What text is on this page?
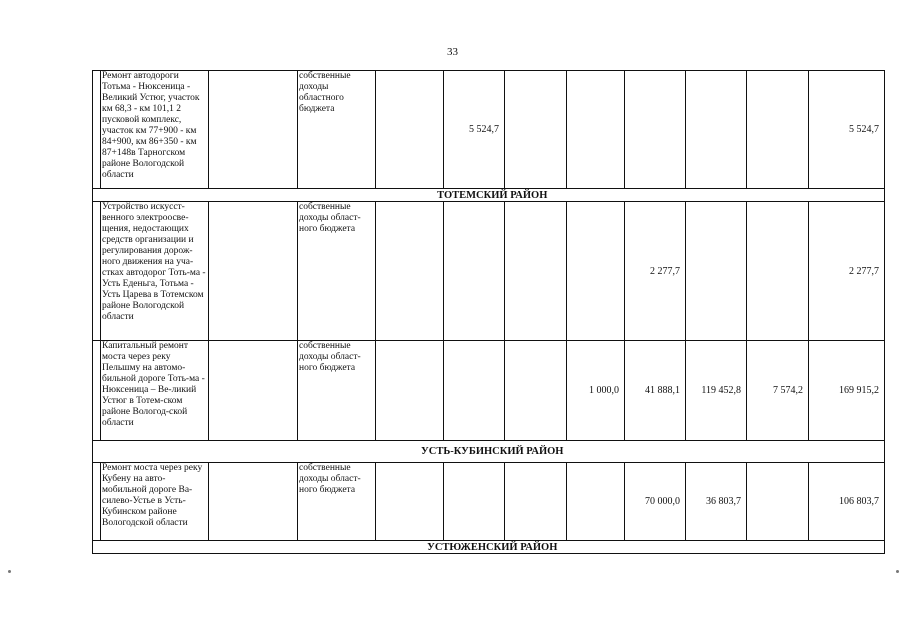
33
	Ремонт автодороги Тотьма - Нюксеница - Великий Устюг, участок км 68,3 - км 101,1 2 пусковой комплекс, участок км 77+900 - км 84+900, км 86+350 - км 87+148в Тарногском районе Вологодской области		собственные доходы областного бюджета		5 524,7						5 524,7
	ТОТЕМСКИЙ РАЙОН										
	Устройство искусст-венного электроосве-щения, недостающих средств организации и регулирования дорож-ного движения на уча-стках автодорог Тоть-ма - Усть Еденьга, Тотьма - Усть Царева в Тотемском районе Вологодской области		собственные доходы област-ного бюджета					2 277,7			2 277,7
	Капитальный ремонт моста через реку Пельшму на автомо-бильной дороге Тоть-ма - Нюксеница – Ве-ликий Устюг в Тотем-ском районе Вологод-ской области		собственные доходы област-ного бюджета				1 000,0	41 888,1	119 452,8	7 574,2	169 915,2
	УСТЬ-КУБИНСКИЙ РАЙОН										
	Ремонт моста через реку Кубену на авто-мобильной дороге Ва-силево-Устье в Усть-Кубинском районе Вологодской области		собственные доходы област-ного бюджета					70 000,0	36 803,7		106 803,7
	УСТЮЖЕНСКИЙ РАЙОН										
